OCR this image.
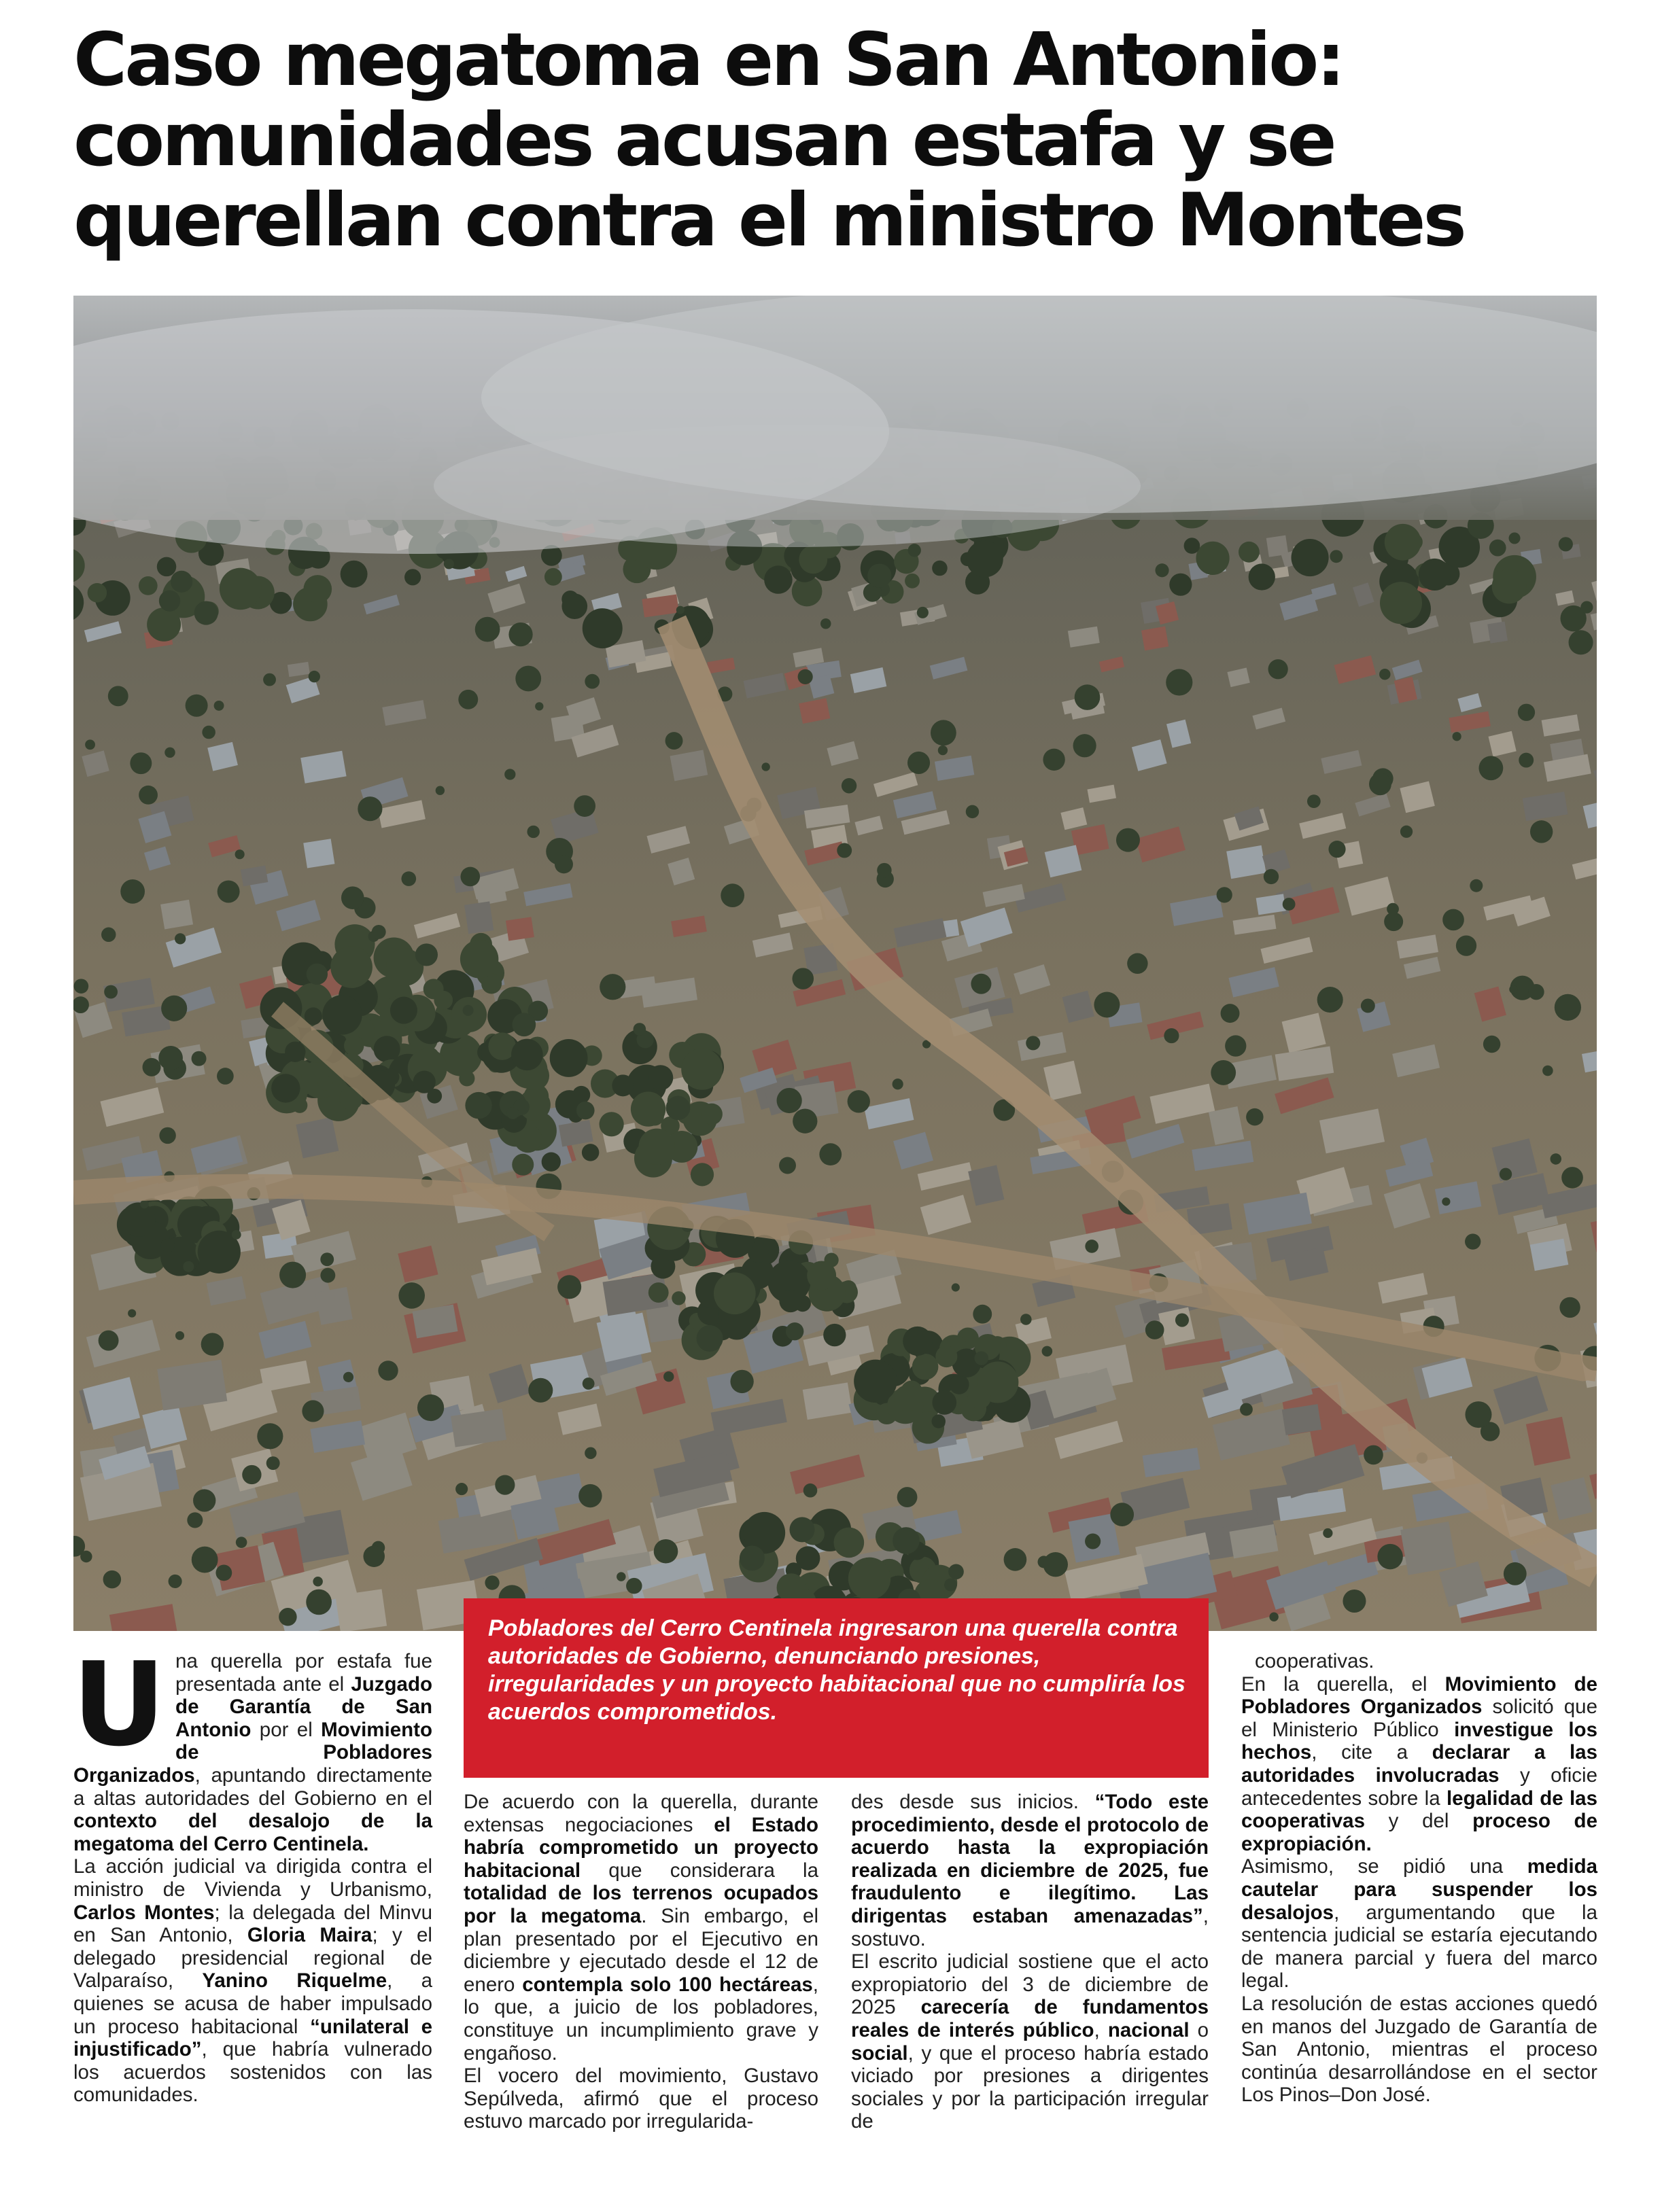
Caso megatoma en San Antonio:
comunidades acusan estafa y se
querellan contra el ministro Montes
Pobladores del Cerro Centinela ingresaron una querella contra autoridades de Gobierno, denunciando presiones, irregularidades y un proyecto habitacional que no cumpliría los acuerdos comprometidos.
U na querella por estafa fue presentada ante el Juzgado de Garantía de San Antonio por el Movimiento de Pobladores Organizados, apuntando directamente a altas autoridades del Gobierno en el contexto del desalojo de la megatoma del Cerro Centinela.

La acción judicial va dirigida contra el ministro de Vivienda y Urbanismo, Carlos Montes; la delegada del Minvu en San Antonio, Gloria Maira; y el delegado presidencial regional de Valparaíso, Yanino Riquelme, a quienes se acusa de haber impulsado un proceso habitacional “unilateral e injustificado”, que habría vulnerado los acuerdos sostenidos con las comunidades.

De acuerdo con la querella, durante extensas negociaciones el Estado habría comprometido un proyecto habitacional que considerara la totalidad de los terrenos ocupados por la megatoma. Sin embargo, el plan presentado por el Ejecutivo en diciembre y ejecutado desde el 12 de enero contempla solo 100 hectáreas, lo que, a juicio de los pobladores, constituye un incumplimiento grave y engañoso.

El vocero del movimiento, Gustavo Sepúlveda, afirmó que el proceso estuvo marcado por irregularida-

des desde sus inicios. “Todo este procedimiento, desde el protocolo de acuerdo hasta la expropiación realizada en diciembre de 2025, fue fraudulento e ilegítimo. Las dirigentas estaban amenazadas”, sostuvo.

El escrito judicial sostiene que el acto expropiatorio del 3 de diciembre de 2025 carecería de fundamentos reales de interés público, nacional o social, y que el proceso habría estado viciado por presiones a dirigentes sociales y por la participación irregular de

cooperativas.

En la querella, el Movimiento de Pobladores Organizados solicitó que el Ministerio Público investigue los hechos, cite a declarar a las autoridades involucradas y oficie antecedentes sobre la legalidad de las cooperativas y del proceso de expropiación.

Asimismo, se pidió una medida cautelar para suspender los desalojos, argumentando que la sentencia judicial se estaría ejecutando de manera parcial y fuera del marco legal.

La resolución de estas acciones quedó en manos del Juzgado de Garantía de San Antonio, mientras el proceso continúa desarrollándose en el sector Los Pinos–Don José.
